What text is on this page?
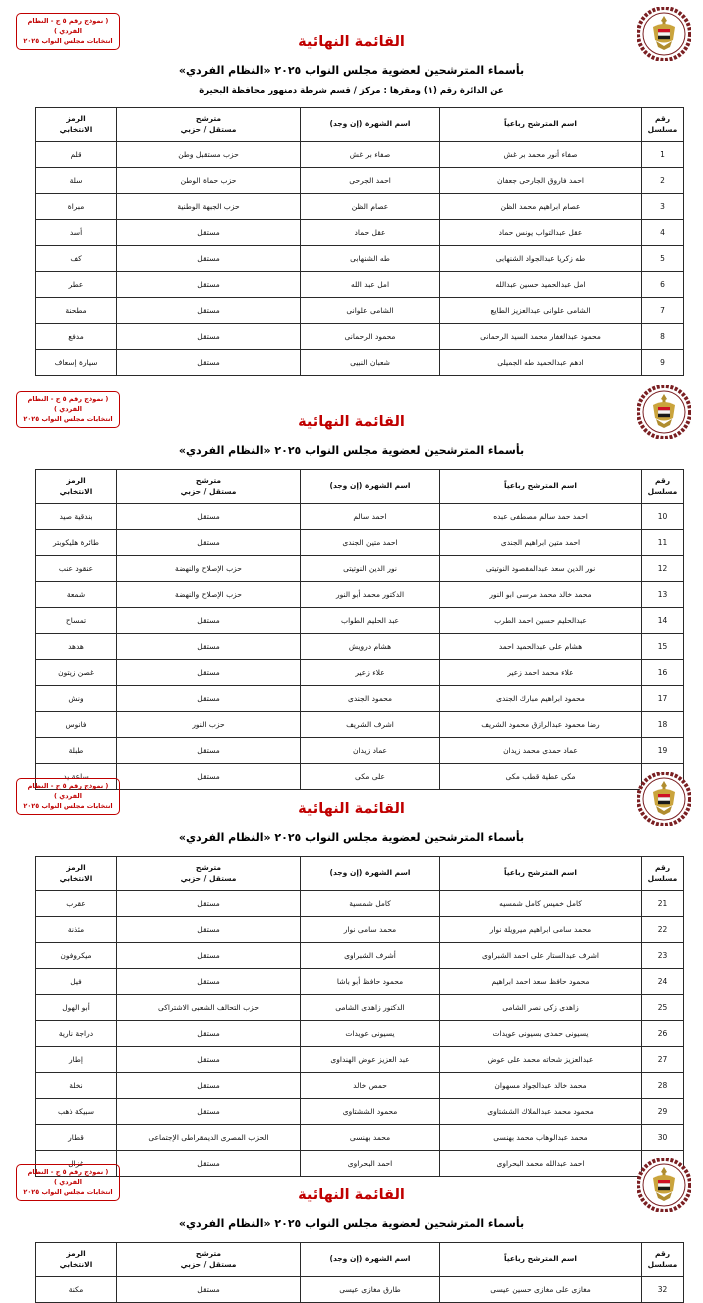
( نموذج رقم ٥ ج - النظام الفردي )
انتخابات مجلس النواب ٢٠٢٥	القائمة النهائية
بأسماء المترشحين لعضوية مجلس النواب ٢٠٢٥ «النظام الفردي»

عن الدائرة رقم (١) ومقرها : مركز / قسم شرطة دمنهور محافظة البحيرة

رقم
مسلسل	اسم المترشح رباعياً	اسم الشهرة (إن وجد)	مترشح
مستقل / حزبي	الرمز
الانتخابي

1	صفاء أنور محمد بر غش	صفاء بر غش	حزب مستقبل وطن	قلم
2	احمد فاروق الجارحى جعفان	احمد الجرحى	حزب حماة الوطن	سلة
3	عصام ابراهيم محمد الظن	عصام الظن	حزب الجبهة الوطنية	مبراة
4	عقل عبدالتواب يونس حماد	عقل حماد	مستقل	أسد
5	طه زكريا عبدالجواد الشنهابى	طه الشنهابى	مستقل	كف
6	امل عبدالحميد حسين عبدالله	امل عبد الله	مستقل	عطر
7	الشامى علوانى عبدالعزيز الطايع	الشامى علوانى	مستقل	مطحنة
8	محمود عبدالغفار محمد السيد الرحمانى	محمود الرحمانى	مستقل	مدفع
9	ادهم عبدالحميد طه الجميلى	شعبان النبيى	مستقل	سيارة إسعاف
( نموذج رقم ٥ ج - النظام الفردي )
انتخابات مجلس النواب ٢٠٢٥	القائمة النهائية
بأسماء المترشحين لعضوية مجلس النواب ٢٠٢٥ «النظام الفردي»
رقم
مسلسل	اسم المترشح رباعياً	اسم الشهرة (إن وجد)	مترشح
مستقل / حزبي	الرمز
الانتخابي

10	احمد حمد سالم مصطفى عبده	احمد سالم	مستقل	بندقية صيد
11	احمد متين ابراهيم الجندى	احمد متين الجندى	مستقل	طائرة هليكوبتر
12	نور الدين سعد عبدالمقصود النوتيتى	نور الدين النوتيتى	حزب الإصلاح والنهضة	عنقود عنب
13	محمد خالد محمد مرسى ابو النور	الدكتور محمد أبو النور	حزب الإصلاح والنهضة	شمعة
14	عبدالحليم حسين احمد الطرب	عبد الحليم الطواب	مستقل	تمساح
15	هشام على عبدالحميد احمد	هشام درويش	مستقل	هدهد
16	علاء محمد احمد زعير	علاء زعير	مستقل	غصن زيتون
17	محمود ابراهيم مبارك الجندى	محمود الجندى	مستقل	ونش
18	رضا محمود عبدالرازق محمود الشريف	اشرف الشريف	حزب النور	فانوس
19	عماد حمدى محمد زيدان	عماد زيدان	مستقل	طبلة
	مكى عطية قطب مكى	على مكى	مستقل	ساعة يد
( نموذج رقم ٥ ج - النظام الفردي )
انتخابات مجلس النواب ٢٠٢٥	القائمة النهائية
بأسماء المترشحين لعضوية مجلس النواب ٢٠٢٥ «النظام الفردي»
رقم
مسلسل	اسم المترشح رباعياً	اسم الشهرة (إن وجد)	مترشح
مستقل / حزبي	الرمز
الانتخابي

21	كامل خميس كامل شمسيه	كامل شمسية	مستقل	عقرب
22	محمد سامى ابراهيم ميرويلة نوار	محمد سامى نوار	مستقل	مئذنة
23	اشرف عبدالستار على احمد الشبراوى	أشرف الشبراوى	مستقل	ميكروفون
24	محمود حافظ سعد احمد ابراهيم	محمود حافظ أبو باشا	مستقل	فيل
25	زاهدى زكى نصر الشامى	الدكتور زاهدى الشامى	حزب التحالف الشعبى الاشتراكى	أبو الهول
26	يسيونى حمدى بسيونى عويدات	يسيونى عويدات	مستقل	دراجة نارية
27	عبدالعزيز شحاته محمد على عوض	عبد العزيز عوض الهنداوى	مستقل	إطار
28	محمد خالد عبدالجواد مسهوان	حمص خالد	مستقل	نخلة
29	محمود محمد عبدالملاك الششتاوى	محمود الششتاوى	مستقل	سبيكة ذهب
30	محمد عبدالوهاب محمد بهنسى	محمد بهنسى	الحزب المصرى الديمقراطى الإجتماعى	قطار
	احمد عبدالله محمد البحراوى	احمد البحراوى	مستقل	غزال
( نموذج رقم ٥ ج - النظام الفردي )
انتخابات مجلس النواب ٢٠٢٥	القائمة النهائية
بأسماء المترشحين لعضوية مجلس النواب ٢٠٢٥ «النظام الفردي»
رقم
مسلسل	اسم المترشح رباعياً	اسم الشهرة (إن وجد)	مترشح
مستقل / حزبي	الرمز
الانتخابي

32	مغازى على مغازى حسين عيسى	طارق مغازى عيسى	مستقل	مكنة
